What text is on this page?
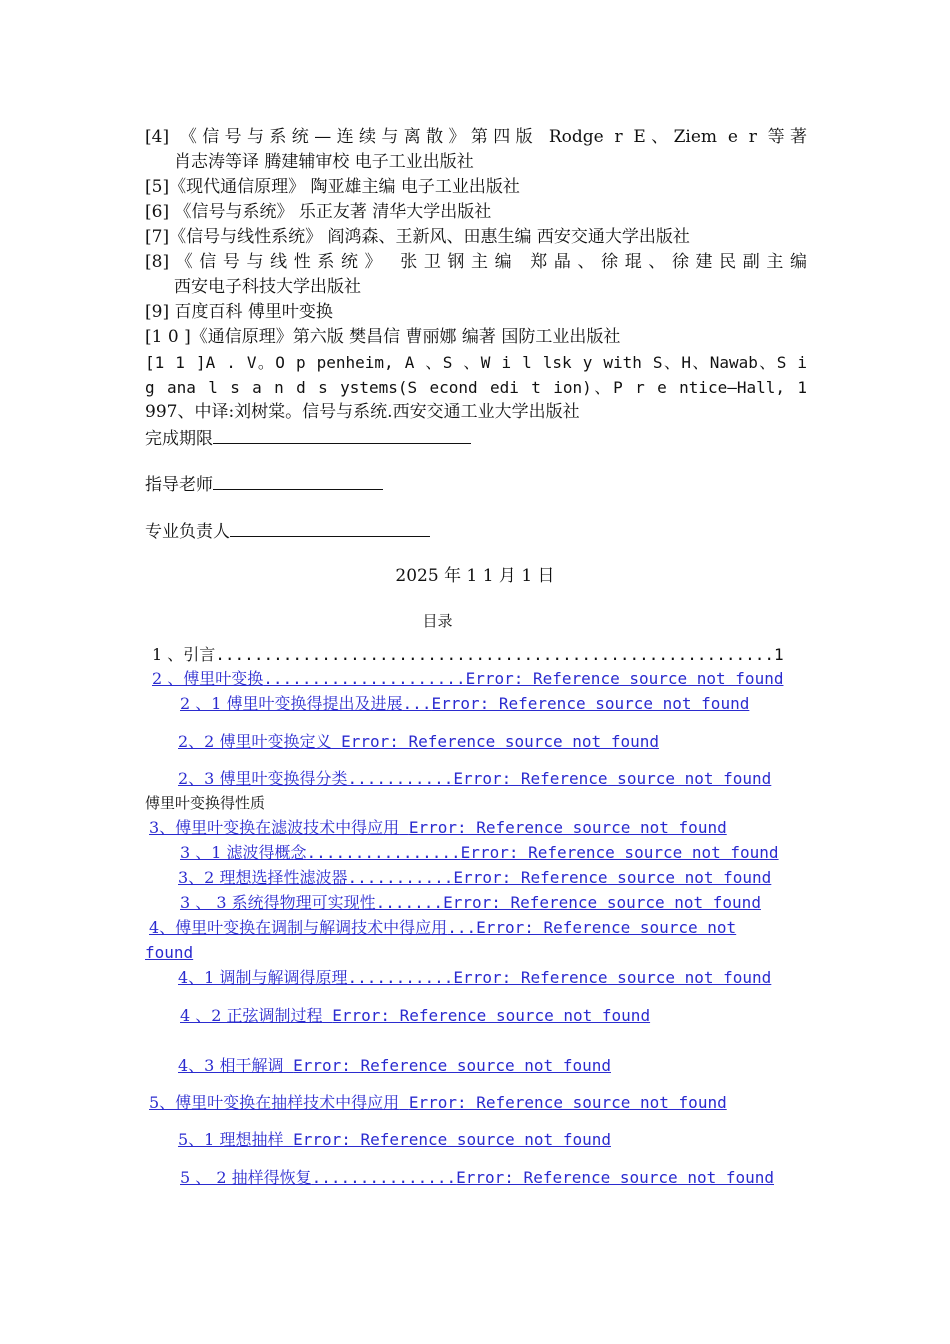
[4] 《信号与系统—连续与离散》第四版 Rodge r E、Ziem e r 等著
肖志涛等译 腾建辅审校 电子工业出版社
[5]《现代通信原理》 陶亚雄主编 电子工业出版社
[6] 《信号与系统》 乐正友著 清华大学出版社
[7]《信号与线性系统》 阎鸿森、王新风、田惠生编 西安交通大学出版社
[8]《信号与线性系统》 张卫钢主编 郑晶、徐琨、徐建民副主编
西安电子科技大学出版社
[9] 百度百科 傅里叶变换
[1 0 ]《通信原理》第六版 樊昌信 曹丽娜 编著 国防工业出版社
[1 1 ]A . V。O p penheim, A 、S 、W i l lsk y with S、H、Nawab、S i
g ana l s a n d s ystems(S econd edi t ion)、P r e ntice—Hall, 1
997、中译:刘树棠。信号与系统.西安交通工业大学出版社
完成期限
指导老师
专业负责人
2025 年 1 1 月 1 日
目录
1 、引言..........................................................1
2 、傅里叶变换.....................Error: Reference source not found
2 、1 傅里叶变换得提出及进展...Error: Reference source not found
2、2 傅里叶变换定义 Error: Reference source not found
2、3 傅里叶变换得分类...........Error: Reference source not found
傅里叶变换得性质
3、傅里叶变换在滤波技术中得应用 Error: Reference source not found
3 、1 滤波得概念................Error: Reference source not found
3、2 理想选择性滤波器...........Error: Reference source not found
3 、 3 系统得物理可实现性.......Error: Reference source not found
4、傅里叶变换在调制与解调技术中得应用...Error: Reference source not
found
4、1 调制与解调得原理...........Error: Reference source not found
4 、2 正弦调制过程 Error: Reference source not found
4、3 相干解调 Error: Reference source not found
5、傅里叶变换在抽样技术中得应用 Error: Reference source not found
5、1 理想抽样 Error: Reference source not found
5 、 2 抽样得恢复...............Error: Reference source not found
